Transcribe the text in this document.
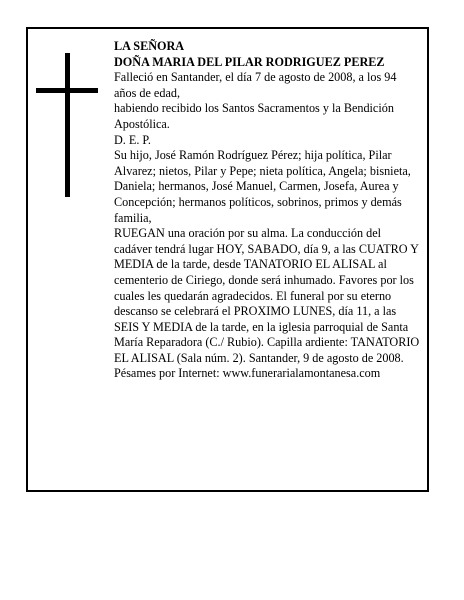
LA SEÑORA

DOÑA MARIA DEL PILAR RODRIGUEZ PEREZ

Falleció en Santander, el día 7 de agosto de 2008, a los 94 años de edad,

habiendo recibido los Santos Sacramentos y la Bendición Apostólica.

D. E. P.

Su hijo, José Ramón Rodríguez Pérez; hija política, Pilar Alvarez; nietos, Pilar y Pepe; nieta política, Angela; bisnieta, Daniela; hermanos, José Manuel, Carmen, Josefa, Aurea y Concepción; hermanos políticos, sobrinos, primos y demás familia,

RUEGAN una oración por su alma. La conducción del cadáver tendrá lugar HOY, SABADO, día 9, a las CUATRO Y MEDIA de la tarde, desde TANATORIO EL ALISAL al cementerio de Ciriego, donde será inhumado. Favores por los cuales les quedarán agradecidos. El funeral por su eterno descanso se celebrará el PROXIMO LUNES, día 11, a las SEIS Y MEDIA de la tarde, en la iglesia parroquial de Santa María Reparadora (C./ Rubio). Capilla ardiente: TANATORIO EL ALISAL (Sala núm. 2). Santander, 9 de agosto de 2008.

Pésames por Internet: www.funerarialamontanesa.com
